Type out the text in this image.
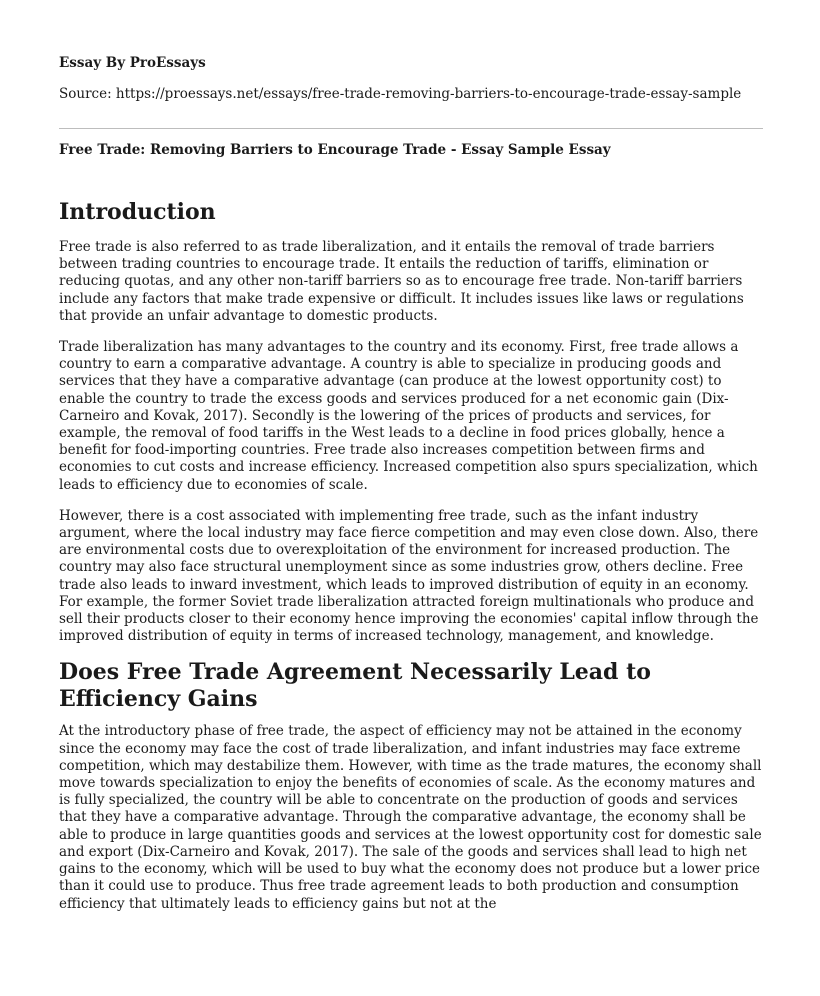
Essay By ProEssays
Source: https://proessays.net/essays/free-trade-removing-barriers-to-encourage-trade-essay-sample
Free Trade: Removing Barriers to Encourage Trade - Essay Sample Essay
Introduction

Free trade is also referred to as trade liberalization, and it entails the removal of trade barriers between trading countries to encourage trade. It entails the reduction of tariffs, elimination or reducing quotas, and any other non-tariff barriers so as to encourage free trade. Non-tariff barriers include any factors that make trade expensive or difficult. It includes issues like laws or regulations that provide an unfair advantage to domestic products.

Trade liberalization has many advantages to the country and its economy. First, free trade allows a country to earn a comparative advantage. A country is able to specialize in producing goods and services that they have a comparative advantage (can produce at the lowest opportunity cost) to enable the country to trade the excess goods and services produced for a net economic gain (Dix-Carneiro and Kovak, 2017). Secondly is the lowering of the prices of products and services, for example, the removal of food tariffs in the West leads to a decline in food prices globally, hence a benefit for food-importing countries. Free trade also increases competition between firms and economies to cut costs and increase efficiency. Increased competition also spurs specialization, which leads to efficiency due to economies of scale.

However, there is a cost associated with implementing free trade, such as the infant industry argument, where the local industry may face fierce competition and may even close down. Also, there are environmental costs due to overexploitation of the environment for increased production. The country may also face structural unemployment since as some industries grow, others decline. Free trade also leads to inward investment, which leads to improved distribution of equity in an economy. For example, the former Soviet trade liberalization attracted foreign multinationals who produce and sell their products closer to their economy hence improving the economies' capital inflow through the improved distribution of equity in terms of increased technology, management, and knowledge.

Does Free Trade Agreement Necessarily Lead to Efficiency Gains

At the introductory phase of free trade, the aspect of efficiency may not be attained in the economy since the economy may face the cost of trade liberalization, and infant industries may face extreme competition, which may destabilize them. However, with time as the trade matures, the economy shall move towards specialization to enjoy the benefits of economies of scale. As the economy matures and is fully specialized, the country will be able to concentrate on the production of goods and services that they have a comparative advantage. Through the comparative advantage, the economy shall be able to produce in large quantities goods and services at the lowest opportunity cost for domestic sale and export (Dix-Carneiro and Kovak, 2017). The sale of the goods and services shall lead to high net gains to the economy, which will be used to buy what the economy does not produce but a lower price than it could use to produce. Thus free trade agreement leads to both production and consumption efficiency that ultimately leads to efficiency gains but not at the
